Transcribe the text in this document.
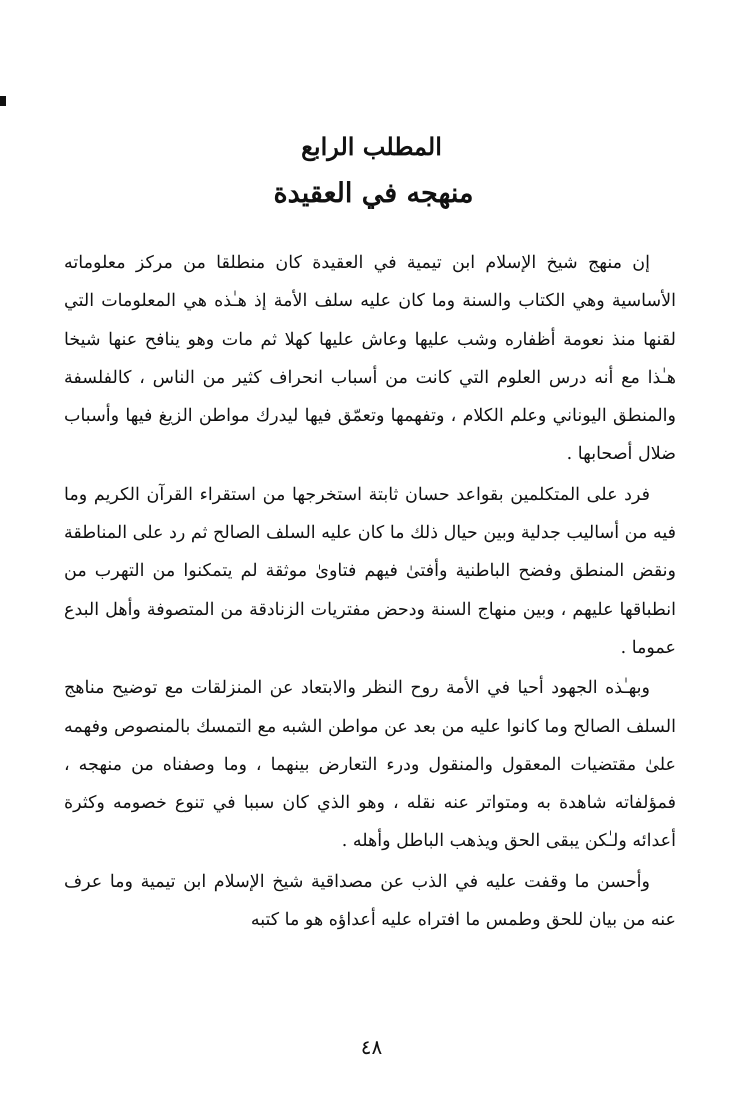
المطلب الرابع

منهجه في العقيدة

إن منهج شيخ الإسلام ابن تيمية في العقيدة كان منطلقا من مركز معلوماته الأساسية وهي الكتاب والسنة وما كان عليه سلف الأمة إذ هـٰذه هي المعلومات التي لقنها منذ نعومة أظفاره وشب عليها وعاش عليها كهلا ثم مات وهو ينافح عنها شيخا هـٰذا مع أنه درس العلوم التي كانت من أسباب انحراف كثير من الناس ، كالفلسفة والمنطق اليوناني وعلم الكلام ، وتفهمها وتعمّق فيها ليدرك مواطن الزيغ فيها وأسباب ضلال أصحابها .

فرد على المتكلمين بقواعد حسان ثابتة استخرجها من استقراء القرآن الكريم وما فيه من أساليب جدلية وبين حيال ذلك ما كان عليه السلف الصالح ثم رد على المناطقة ونقض المنطق وفضح الباطنية وأفتىٰ فيهم فتاوىٰ موثقة لم يتمكنوا من التهرب من انطباقها عليهم ، وبين منهاج السنة ودحض مفتريات الزنادقة من المتصوفة وأهل البدع عموما .

وبهـٰذه الجهود أحيا في الأمة روح النظر والابتعاد عن المنزلقات مع توضيح مناهج السلف الصالح وما كانوا عليه من بعد عن مواطن الشبه مع التمسك بالمنصوص وفهمه علىٰ مقتضيات المعقول والمنقول ودرء التعارض بينهما ، وما وصفناه من منهجه ، فمؤلفاته شاهدة به ومتواتر عنه نقله ، وهو الذي كان سببا في تنوع خصومه وكثرة أعدائه ولـٰكن يبقى الحق ويذهب الباطل وأهله .

وأحسن ما وقفت عليه في الذب عن مصداقية شيخ الإسلام ابن تيمية وما عرف عنه من بيان للحق وطمس ما افتراه عليه أعداؤه هو ما كتبه

٤٨
